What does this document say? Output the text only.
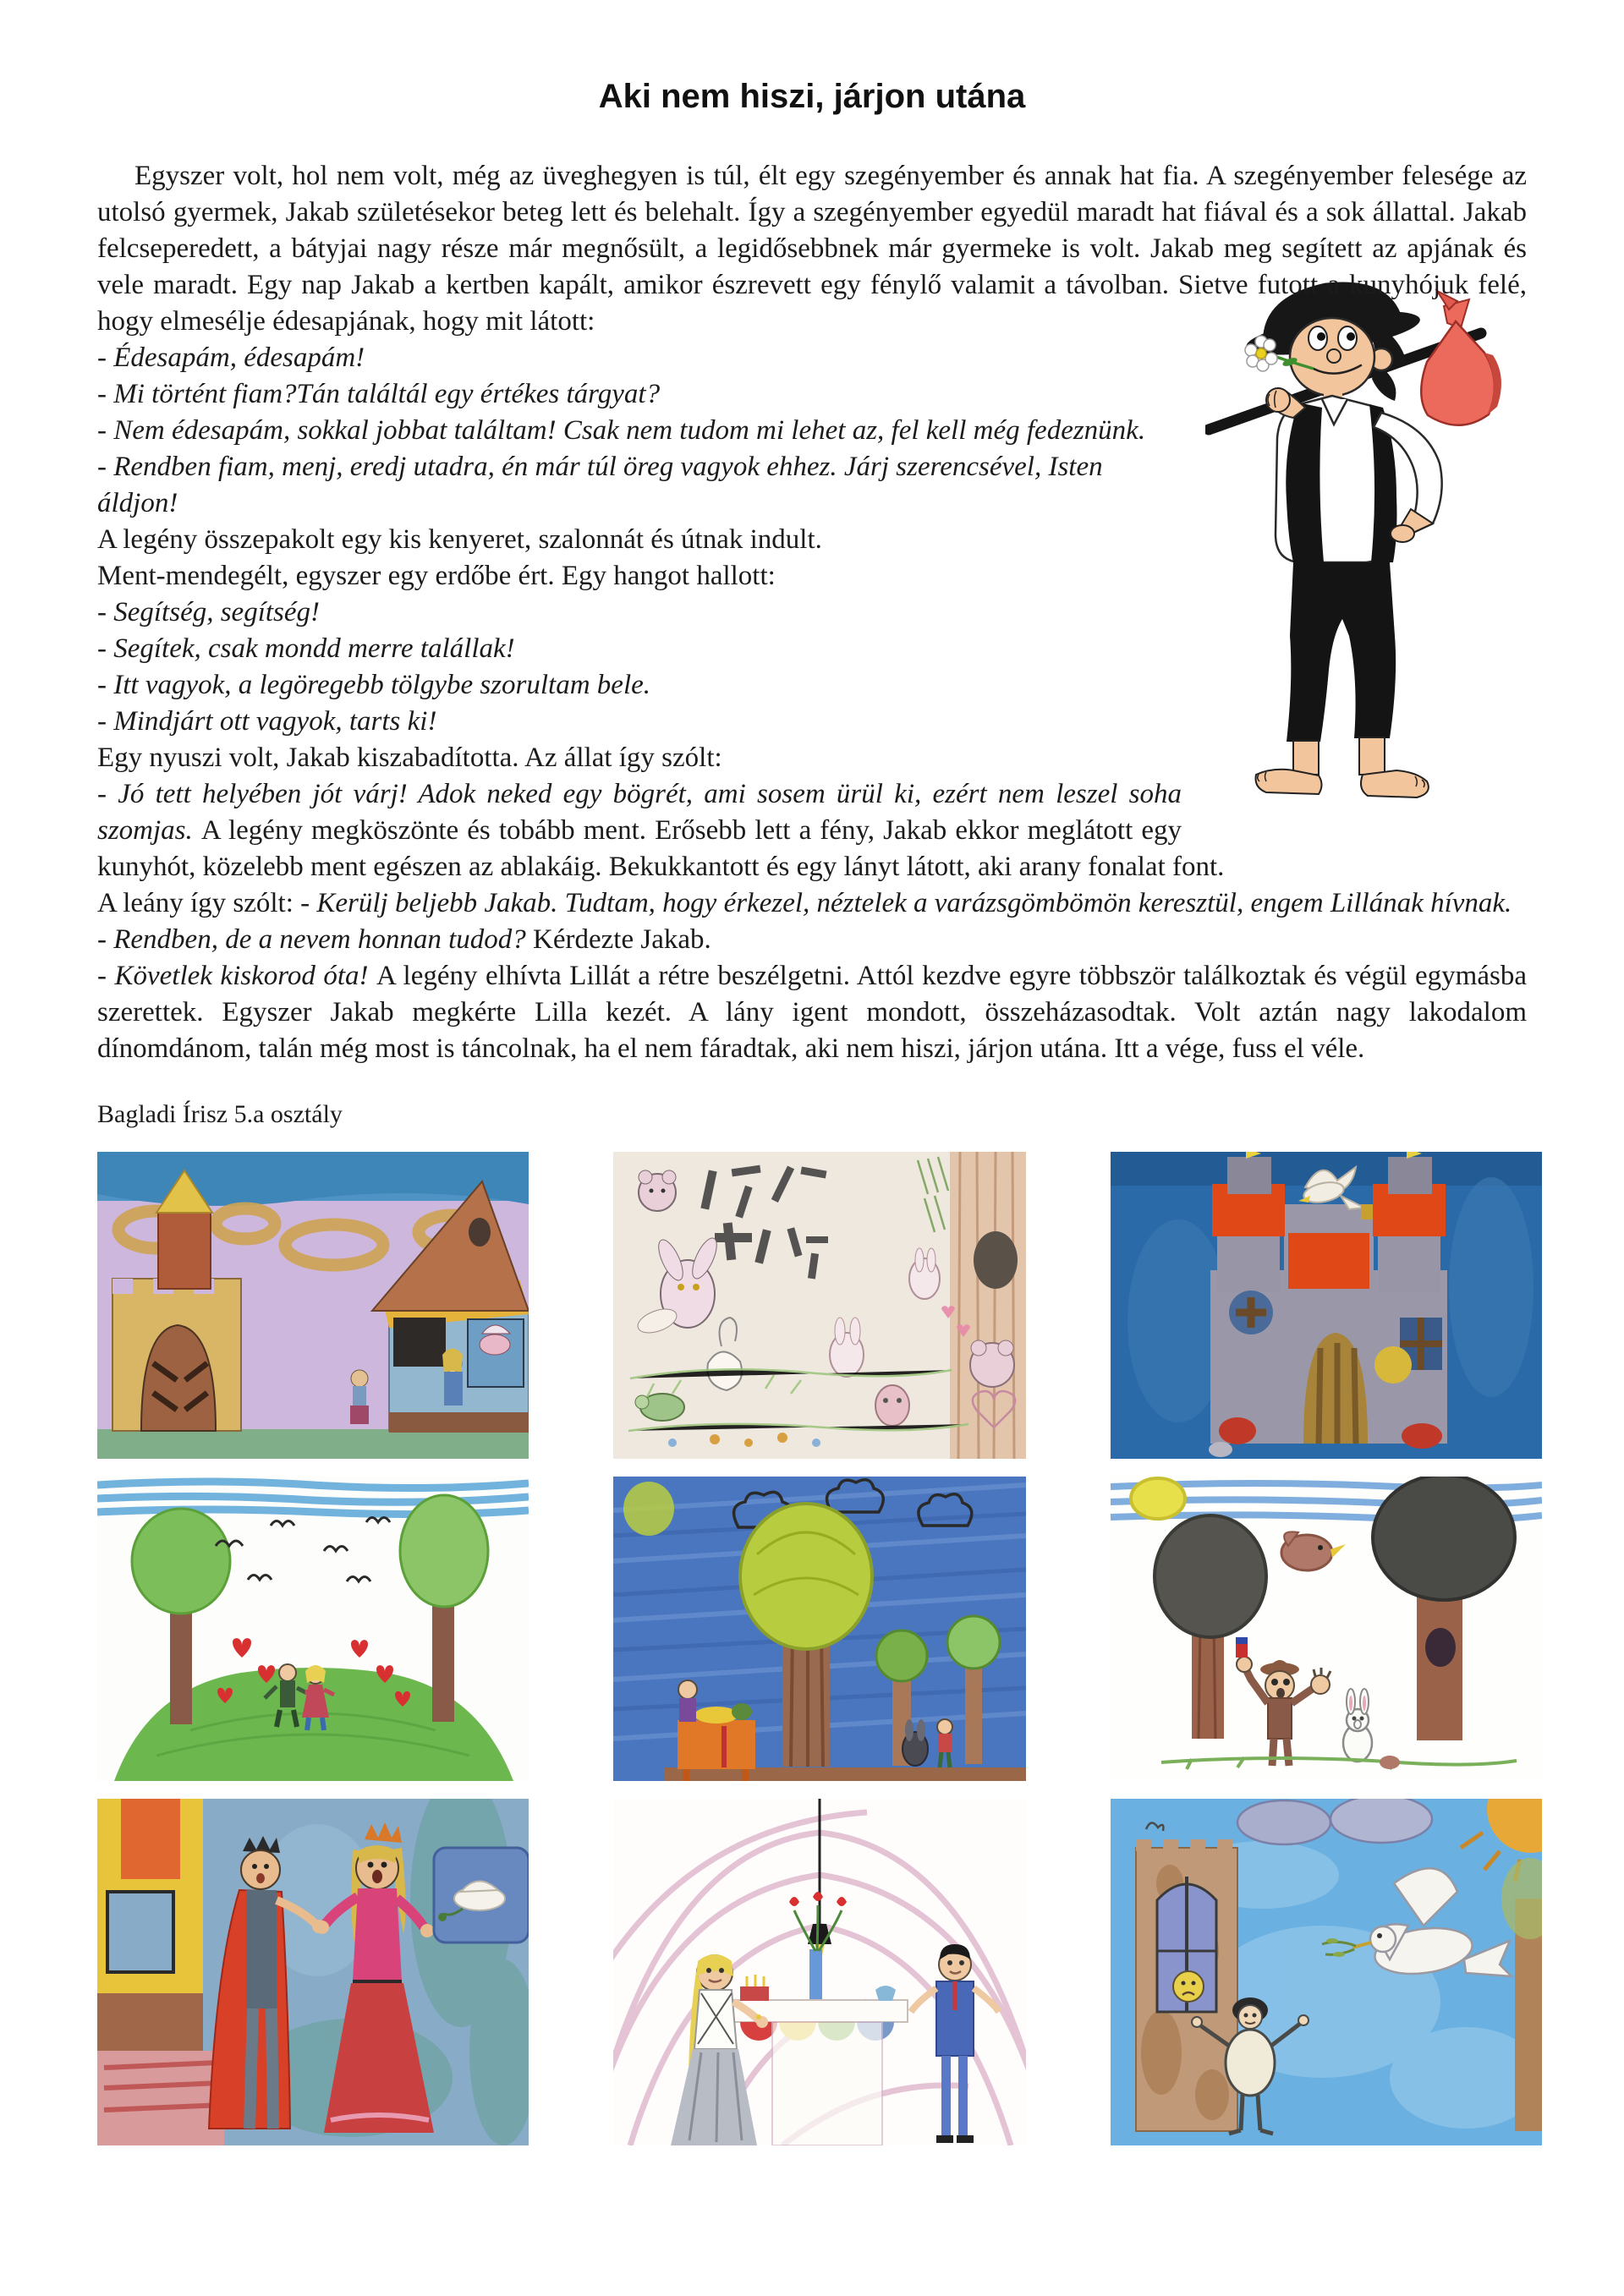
Aki nem hiszi, járjon utána

Egyszer volt, hol nem volt, még az üveghegyen is túl, élt egy szegényember és annak hat fia. A szegényember felesége az utolsó gyermek, Jakab születésekor beteg lett és belehalt. Így a szegényember egyedül maradt hat fiával és a sok állattal. Jakab felcseperedett, a bátyjai nagy része már megnősült, a legidősebbnek már gyermeke is volt. Jakab meg segített az apjának és vele maradt. Egy nap Jakab a kertben kapált, amikor észrevett egy fénylő valamit a távolban. Sietve futott a kunyhójuk felé, hogy elmesélje édesapjának, hogy mit látott:

- Édesapám, édesapám!

- Mi történt fiam?Tán találtál egy értékes tárgyat?

- Nem édesapám, sokkal jobbat találtam! Csak nem tudom mi lehet az, fel kell még fedeznünk.

- Rendben fiam, menj, eredj utadra, én már túl öreg vagyok ehhez. Járj szerencsével, Isten áldjon!

A legény összepakolt egy kis kenyeret, szalonnát és útnak indult.

Ment-mendegélt, egyszer egy erdőbe ért. Egy hangot hallott:

- Segítség, segítség!

- Segítek, csak mondd merre talállak!

- Itt vagyok, a legöregebb tölgybe szorultam bele.

- Mindjárt ott vagyok, tarts ki!

Egy nyuszi volt, Jakab kiszabadította. Az állat így szólt:

- Jó tett helyében jót várj! Adok neked egy bögrét, ami sosem ürül ki, ezért nem leszel soha szomjas. A legény megköszönte és tobább ment. Erősebb lett a fény, Jakab ekkor meglátott egy kunyhót, közelebb ment egészen az ablakáig. Bekukkantott és egy lányt látott, aki arany fonalat font.

A leány így szólt: - Kerülj beljebb Jakab. Tudtam, hogy érkezel, néztelek a varázsgömbömön keresztül, engem Lillának hívnak.

- Rendben, de a nevem honnan tudod? Kérdezte Jakab.

- Követlek kiskorod óta! A legény elhívta Lillát a rétre beszélgetni. Attól kezdve egyre többször találkoztak és végül egymásba szerettek. Egyszer Jakab megkérte Lilla kezét. A lány igent mondott, összeházasodtak. Volt aztán nagy lakodalom dínomdánom, talán még most is táncolnak, ha el nem fáradtak, aki nem hiszi, járjon utána. Itt a vége, fuss el véle.

Bagladi Írisz 5.a osztály
